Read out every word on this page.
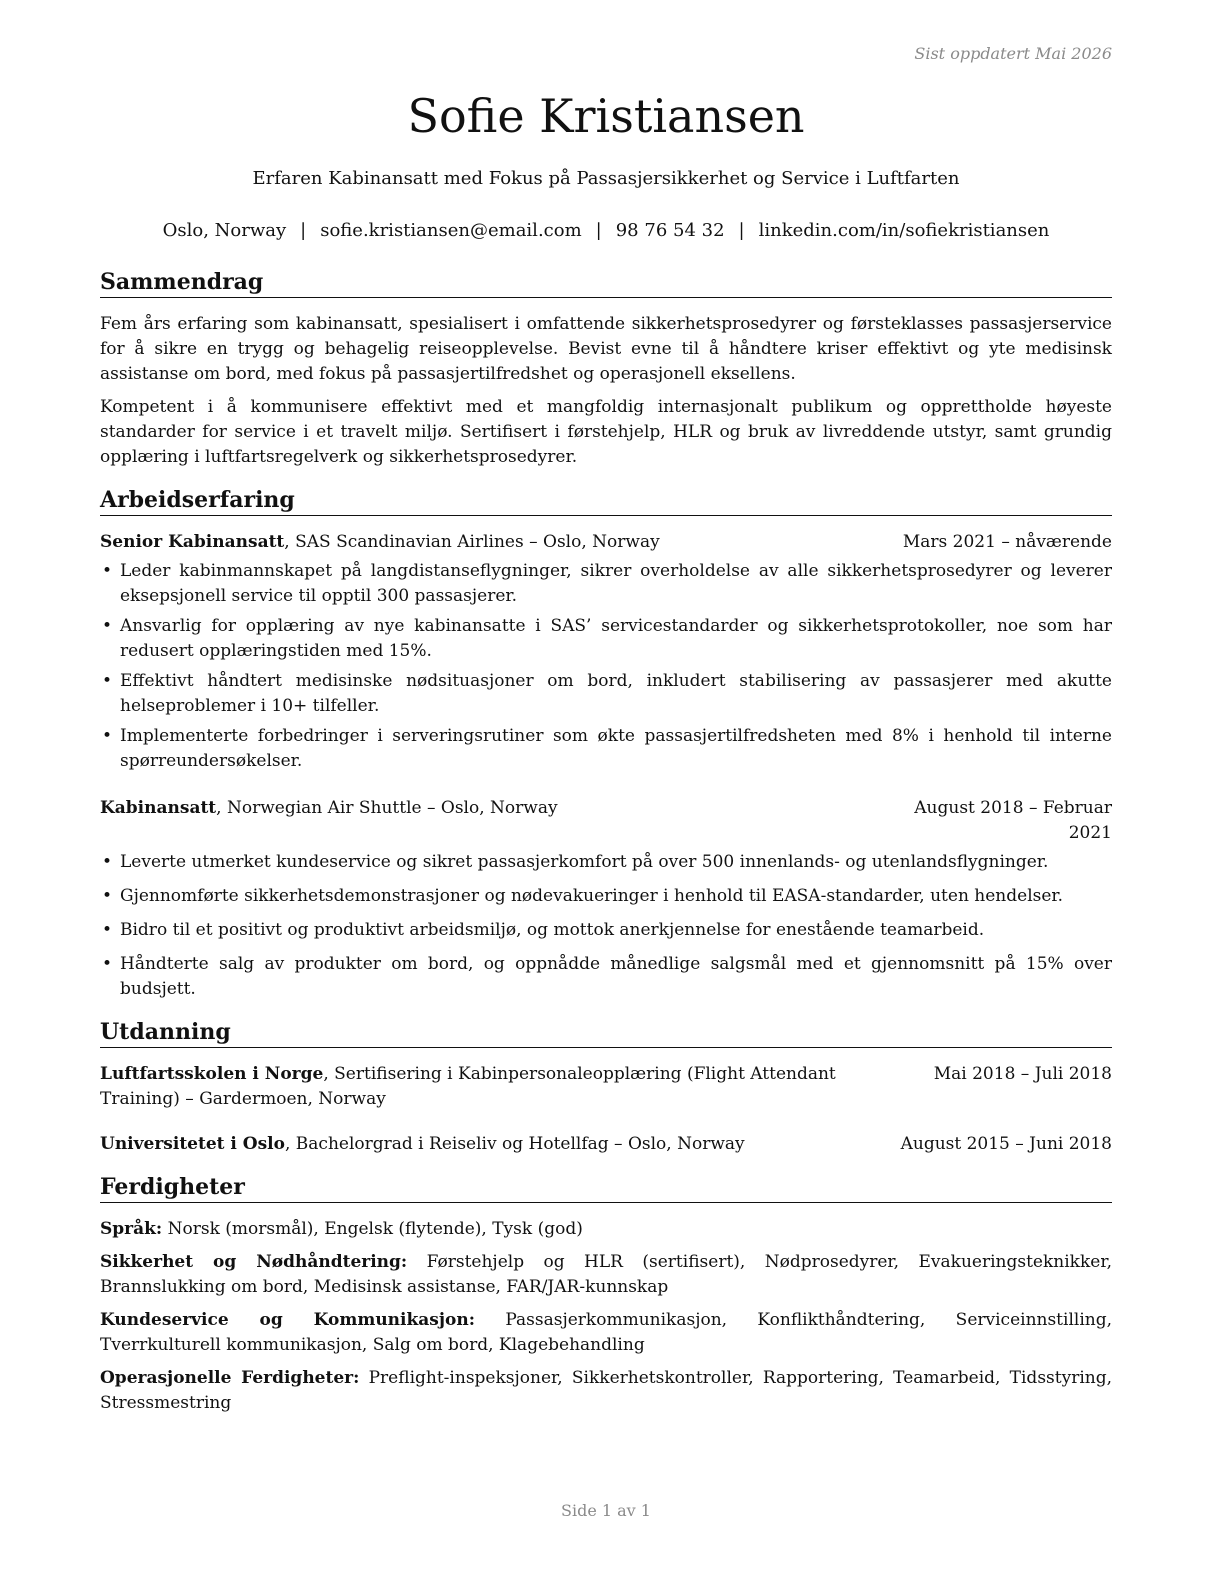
Sist oppdatert Mai 2026
Sofie Kristiansen
Erfaren Kabinansatt med Fokus på Passasjersikkerhet og Service i Luftfarten
Oslo, Norway | sofie.kristiansen@email.com | 98 76 54 32 | linkedin.com/in/sofiekristiansen
Sammendrag

Fem års erfaring som kabinansatt, spesialisert i omfattende sikkerhetsprosedyrer og førsteklasses passasjerservice for å sikre en trygg og behagelig reiseopplevelse. Bevist evne til å håndtere kriser effektivt og yte medisinsk assistanse om bord, med fokus på passasjertilfredshet og operasjonell eksellens.

Kompetent i å kommunisere effektivt med et mangfoldig internasjonalt publikum og opprettholde høyeste standarder for service i et travelt miljø. Sertifisert i førstehjelp, HLR og bruk av livreddende utstyr, samt grundig opplæring i luftfartsregelverk og sikkerhetsprosedyrer.

Arbeidserfaring
Senior Kabinansatt, SAS Scandinavian Airlines – Oslo, Norway	Mars 2021 – nåværende
• Leder kabinmannskapet på langdistanseflygninger, sikrer overholdelse av alle sikkerhetsprosedyrer og leverer eksepsjonell service til opptil 300 passasjerer.
• Ansvarlig for opplæring av nye kabinansatte i SAS’ servicestandarder og sikkerhetsprotokoller, noe som har redusert opplæringstiden med 15%.
• Effektivt håndtert medisinske nødsituasjoner om bord, inkludert stabilisering av passasjerer med akutte helseproblemer i 10+ tilfeller.
• Implementerte forbedringer i serveringsrutiner som økte passasjertilfredsheten med 8% i henhold til interne spørreundersøkelser.
Kabinansatt, Norwegian Air Shuttle – Oslo, Norway	August 2018 – Februar 2021
• Leverte utmerket kundeservice og sikret passasjerkomfort på over 500 innenlands- og utenlandsflygninger.
• Gjennomførte sikkerhetsdemonstrasjoner og nødevakueringer i henhold til EASA-standarder, uten hendelser.
• Bidro til et positivt og produktivt arbeidsmiljø, og mottok anerkjennelse for enestående teamarbeid.
• Håndterte salg av produkter om bord, og oppnådde månedlige salgsmål med et gjennomsnitt på 15% over budsjett.
Utdanning
Luftfartsskolen i Norge, Sertifisering i Kabinpersonaleopplæring (Flight Attendant Training) – Gardermoen, Norway
Mai 2018 – Juli 2018
Universitetet i Oslo, Bachelorgrad i Reiseliv og Hotellfag – Oslo, Norway	August 2015 – Juni 2018
Ferdigheter

Språk: Norsk (morsmål), Engelsk (flytende), Tysk (god)

Sikkerhet og Nødhåndtering: Førstehjelp og HLR (sertifisert), Nødprosedyrer, Evakueringsteknikker, Brannslukking om bord, Medisinsk assistanse, FAR/JAR-kunnskap

Kundeservice og Kommunikasjon: Passasjerkommunikasjon, Konflikthåndtering, Serviceinnstilling, Tverrkulturell kommunikasjon, Salg om bord, Klagebehandling

Operasjonelle Ferdigheter: Preflight-inspeksjoner, Sikkerhetskontroller, Rapportering, Teamarbeid, Tidsstyring, Stressmestring

Side 1 av 1
